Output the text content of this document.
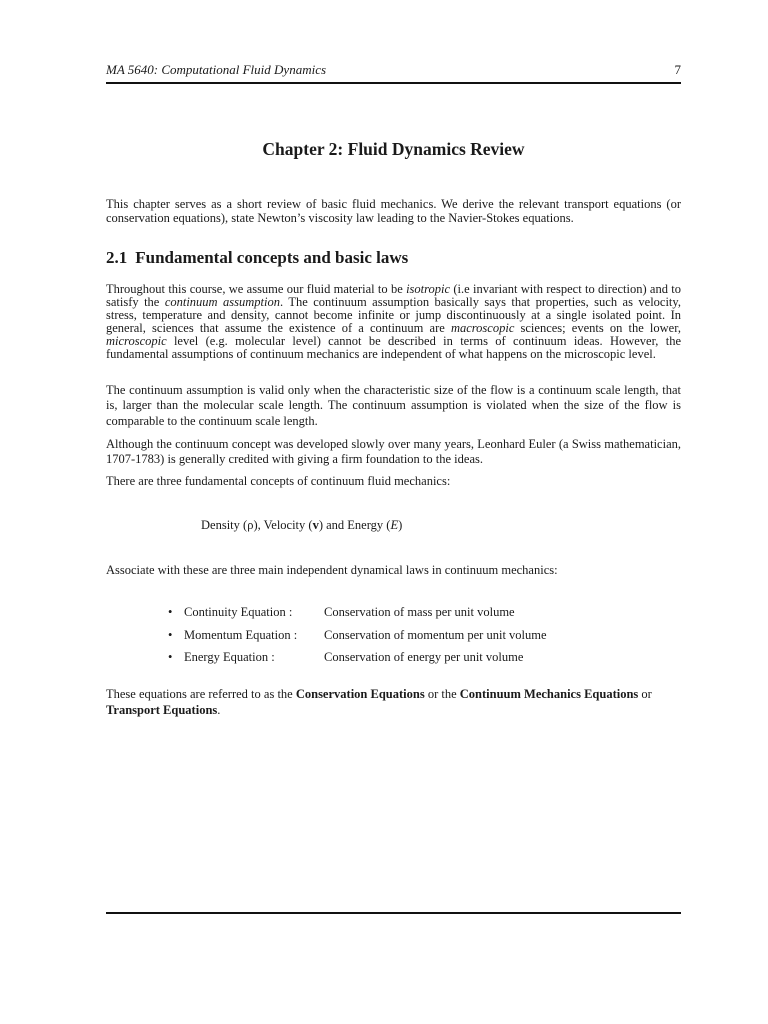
MA 5640: Computational Fluid Dynamics	7
Chapter 2: Fluid Dynamics Review

This chapter serves as a short review of basic fluid mechanics. We derive the relevant transport equations (or conservation equations), state Newton’s viscosity law leading to the Navier-Stokes equations.

2.1 Fundamental concepts and basic laws

Throughout this course, we assume our fluid material to be isotropic (i.e invariant with respect to direction) and to satisfy the continuum assumption. The continuum assumption basically says that properties, such as velocity, stress, temperature and density, cannot become infinite or jump discontinuously at a single isolated point. In general, sciences that assume the existence of a continuum are macroscopic sciences; events on the lower, microscopic level (e.g. molecular level) cannot be described in terms of continuum ideas. However, the fundamental assumptions of continuum mechanics are independent of what happens on the microscopic level.

The continuum assumption is valid only when the characteristic size of the flow is a continuum scale length, that is, larger than the molecular scale length. The continuum assumption is violated when the size of the flow is comparable to the continuum scale length.

Although the continuum concept was developed slowly over many years, Leonhard Euler (a Swiss mathematician, 1707-1783) is generally credited with giving a firm foundation to the ideas.

There are three fundamental concepts of continuum fluid mechanics:

Density (ρ), Velocity (v) and Energy (E)

Associate with these are three main independent dynamical laws in continuum mechanics:

• Continuity Equation :	Conservation of mass per unit volume
• Momentum Equation : Conservation of momentum per unit volume
• Energy Equation :	Conservation of energy per unit volume

These equations are referred to as the Conservation Equations or the Continuum Mechanics Equations or Transport Equations.
